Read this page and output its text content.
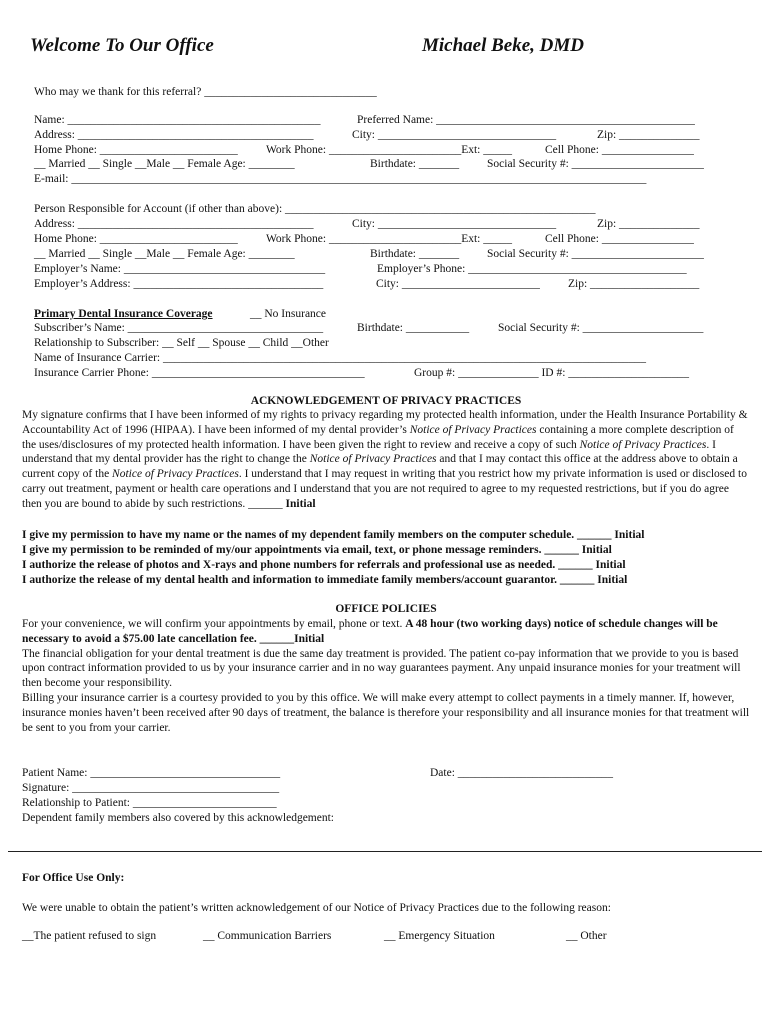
Welcome To Our Office	Michael Beke, DMD
Who may we thank for this referral? ______________________________
Name: ____________________________________________	Preferred Name: _____________________________________________
Address: _________________________________________	City: _______________________________	Zip: ______________
Home Phone: ________________________ Work Phone: _______________________Ext: _____	Cell Phone: ________________
__ Married __ Single __Male __ Female Age: ________	Birthdate: _______ Social Security #: _______________________
E-mail: ____________________________________________________________________________________________________
Person Responsible for Account (if other than above): ______________________________________________________
Address: _________________________________________	City: _______________________________	Zip: ______________
Home Phone: ________________________ Work Phone: _______________________Ext: _____	Cell Phone: ________________
__ Married __ Single __Male __ Female Age: ________	Birthdate: _______ Social Security #: _______________________
Employer’s Name: ___________________________________	Employer’s Phone: ______________________________________
Employer’s Address: _________________________________	City: ________________________ Zip: ___________________
Primary Dental Insurance Coverage	__ No Insurance
Subscriber’s Name: __________________________________	Birthdate: ___________	Social Security #: _____________________
Relationship to Subscriber: __ Self __ Spouse __ Child __Other
Name of Insurance Carrier: ____________________________________________________________________________________
Insurance Carrier Phone: _____________________________________	Group #: ______________ ID #: _____________________
ACKNOWLEDGEMENT OF PRIVACY PRACTICES

My signature confirms that I have been informed of my rights to privacy regarding my protected health information, under the Health Insurance Portability & Accountability Act of 1996 (HIPAA). I have been informed of my dental provider’s Notice of Privacy Practices containing a more complete description of the uses/disclosures of my protected health information. I have been given the right to review and receive a copy of such Notice of Privacy Practices. I understand that my dental provider has the right to change the Notice of Privacy Practices and that I may contact this office at the address above to obtain a current copy of the Notice of Privacy Practices. I understand that I may request in writing that you restrict how my private information is used or disclosed to carry out treatment, payment or health care operations and I understand that you are not required to agree to my requested restrictions, but if you do agree then you are bound to abide by such restrictions. ______ Initial

I give my permission to have my name or the names of my dependent family members on the computer schedule. ______ Initial
I give my permission to be reminded of my/our appointments via email, text, or phone message reminders. ______ Initial
I authorize the release of photos and X-rays and phone numbers for referrals and professional use as needed. ______ Initial
I authorize the release of my dental health and information to immediate family members/account guarantor. ______ Initial
OFFICE POLICIES

For your convenience, we will confirm your appointments by email, phone or text. A 48 hour (two working days) notice of schedule changes will be necessary to avoid a $75.00 late cancellation fee. ______Initial

The financial obligation for your dental treatment is due the same day treatment is provided. The patient co-pay information that we provide to you is based upon contract information provided to us by your insurance carrier and in no way guarantees payment. Any unpaid insurance monies for your treatment will then become your responsibility.

Billing your insurance carrier is a courtesy provided to you by this office. We will make every attempt to collect payments in a timely manner. If, however, insurance monies haven’t been received after 90 days of treatment, the balance is therefore your responsibility and all insurance monies for that treatment will be sent to you from your carrier.

Patient Name: _________________________________	Date: ___________________________
Signature: ____________________________________
Relationship to Patient: _________________________
Dependent family members also covered by this acknowledgement:
For Office Use Only:
We were unable to obtain the patient’s written acknowledgement of our Notice of Privacy Practices due to the following reason:
__The patient refused to sign	__ Communication Barriers	__ Emergency Situation	__ Other
